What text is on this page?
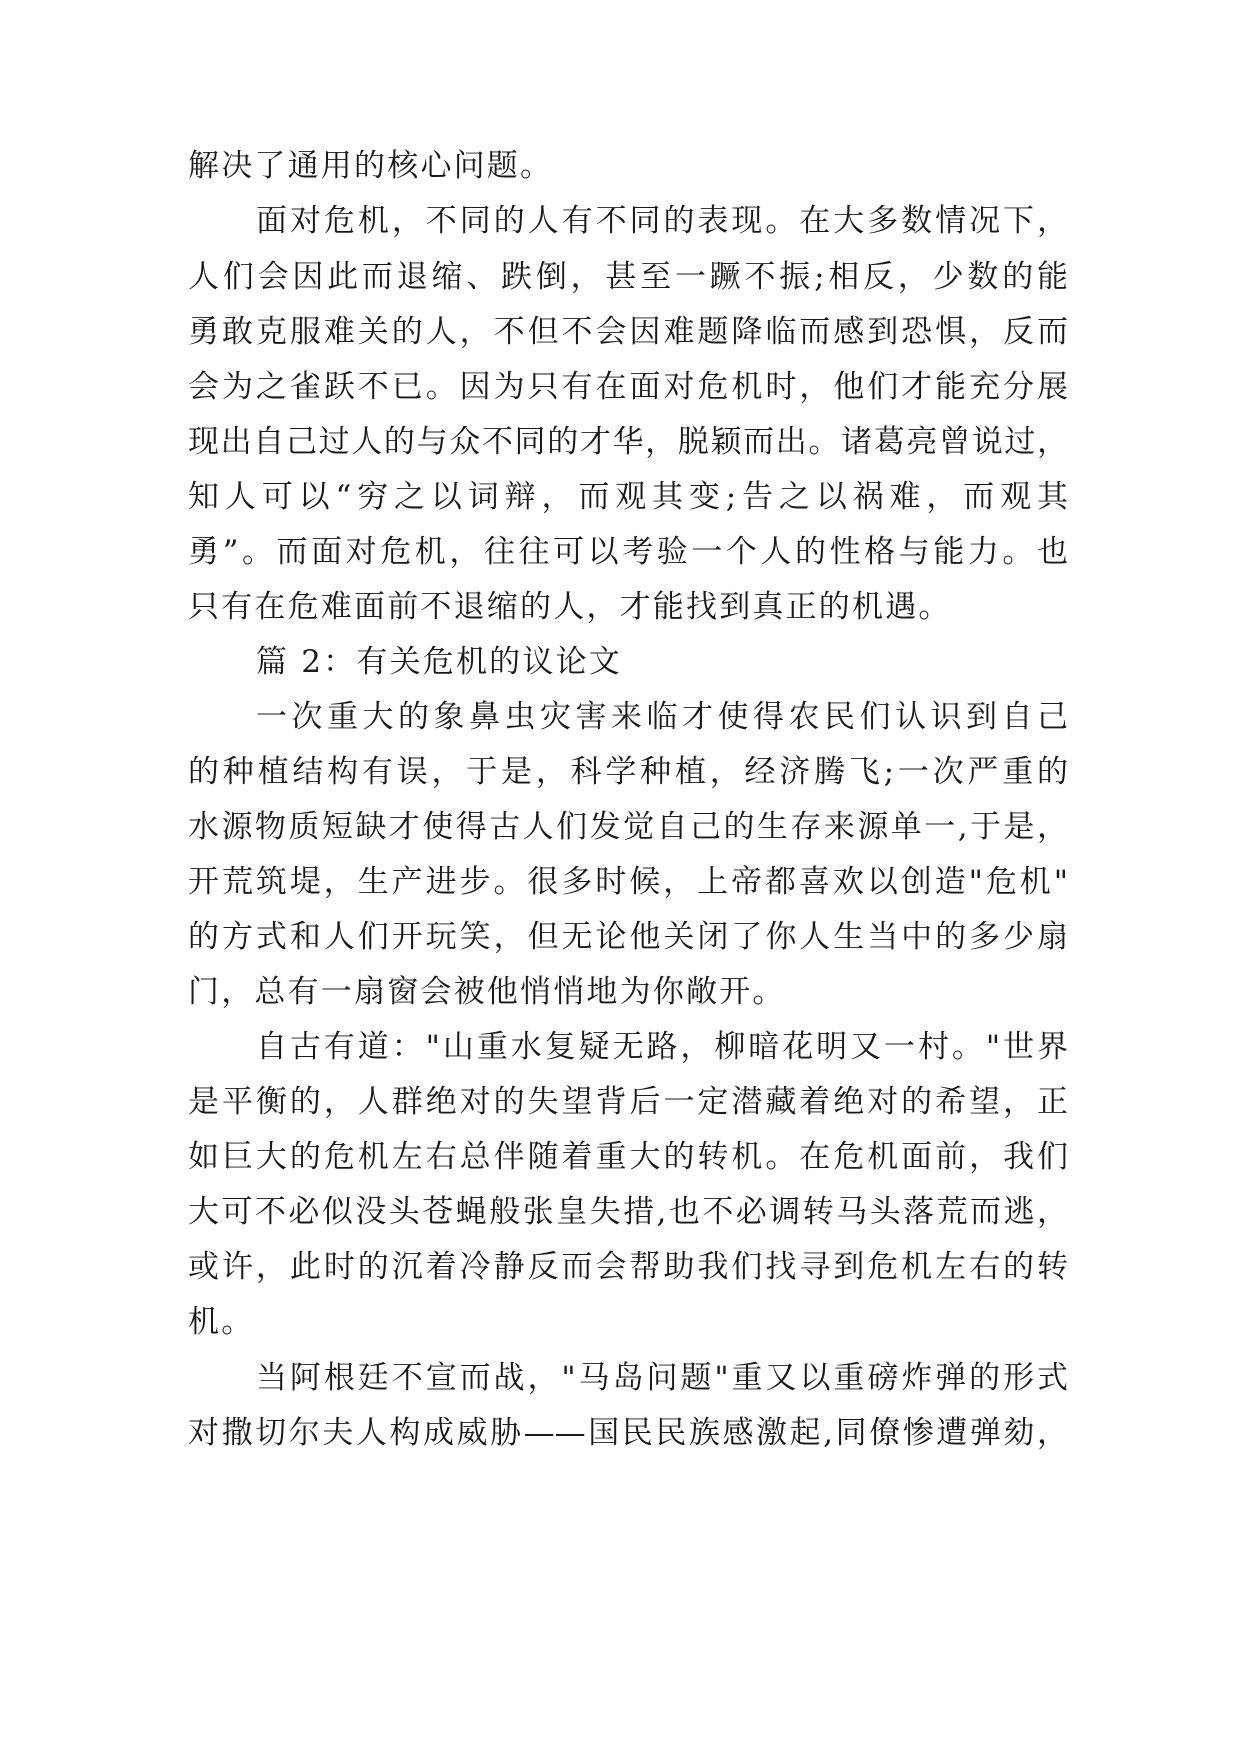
解决了通用的核心问题。
面对危机，不同的人有不同的表现。在大多数情况下，
人们会因此而退缩、跌倒，甚至一蹶不振;相反，少数的能
勇敢克服难关的人，不但不会因难题降临而感到恐惧，反而
会为之雀跃不已。因为只有在面对危机时，他们才能充分展
现出自己过人的与众不同的才华，脱颖而出。诸葛亮曾说过，
知人可以“穷之以词辩，而观其变;告之以祸难，而观其
勇”。而面对危机，往往可以考验一个人的性格与能力。也
只有在危难面前不退缩的人，才能找到真正的机遇。
篇 2：有关危机的议论文
一次重大的象鼻虫灾害来临才使得农民们认识到自己
的种植结构有误，于是，科学种植，经济腾飞;一次严重的
水源物质短缺才使得古人们发觉自己的生存来源单一,于是，
开荒筑堤，生产进步。很多时候，上帝都喜欢以创造"危机"
的方式和人们开玩笑，但无论他关闭了你人生当中的多少扇
门，总有一扇窗会被他悄悄地为你敞开。
自古有道："山重水复疑无路，柳暗花明又一村。"世界
是平衡的，人群绝对的失望背后一定潜藏着绝对的希望，正
如巨大的危机左右总伴随着重大的转机。在危机面前，我们
大可不必似没头苍蝇般张皇失措,也不必调转马头落荒而逃，
或许，此时的沉着冷静反而会帮助我们找寻到危机左右的转
机。
当阿根廷不宣而战，"马岛问题"重又以重磅炸弹的形式
对撒切尔夫人构成威胁——国民民族感激起,同僚惨遭弹劾，
